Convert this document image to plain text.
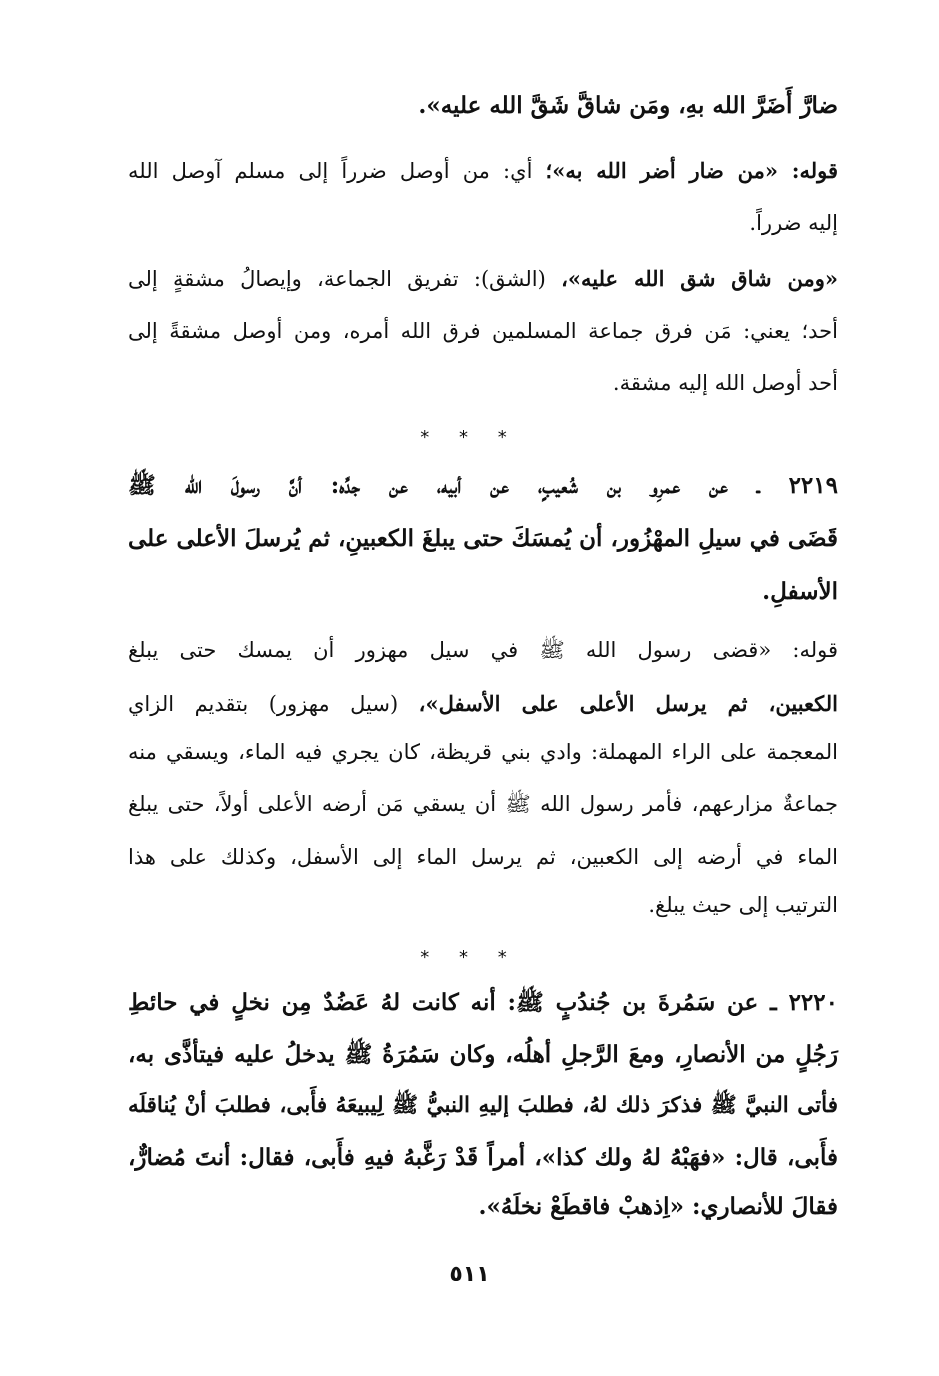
ضارَّ أَضَرَّ الله بهِ، ومَن شاقَّ شَقَّ الله عليه».
قوله: «من ضار أضر الله به»؛ أي: من أوصل ضرراً إلى مسلم آوصل الله
إليه ضرراً.
«ومن شاق شق الله عليه»، (الشق): تفريق الجماعة، وإيصالُ مشقةٍ إلى
أحد؛ يعني: مَن فرق جماعة المسلمين فرق الله أمره، ومن أوصل مشقةً إلى
أحد أوصل الله إليه مشقة.
* * *
٢٢١٩ ـ عن عمرِو بن شُعيبٍ، عن أبيه، عن جدِّه: أنَّ رسولَ الله ﷺ
قَضَى في سيلِ المهْزُور، أن يُمسَكَ حتى يبلغَ الكعبينِ، ثم يُرسلَ الأعلى على
الأسفلِ.
قوله: «قضى رسول الله ﷺ في سيل مهزور أن يمسك حتى يبلغ
الكعبين، ثم يرسل الأعلى على الأسفل»، (سيل مهزور) بتقديم الزاي
المعجمة على الراء المهملة: وادي بني قريظة، كان يجري فيه الماء، ويسقي منه
جماعةٌ مزارعهم، فأمر رسول الله ﷺ أن يسقي مَن أرضه الأعلى أولاً، حتى يبلغ
الماء في أرضه إلى الكعبين، ثم يرسل الماء إلى الأسفل، وكذلك على هذا
الترتيب إلى حيث يبلغ.
* * *
٢٢٢٠ ـ عن سَمُرةَ بن جُندُبٍ ﷺ: أنه كانت لهُ عَضُدٌ مِن نخلٍ في حائطِ
رَجُلٍ من الأنصارِ، ومعَ الرَّجلِ أهلُه، وكان سَمُرَةُ ﷺ يدخلُ عليه فيتأذَّى به،
فأتى النبيَّ ﷺ فذكرَ ذلك لهُ، فطلبَ إليهِ النبيُّ ﷺ لِيبيعَهُ فأَبى، فطلبَ أنْ يُناقلَه
فأَبى، قال: «فهَبْهُ لهُ ولك كذا»، أمراً قَدْ رَغَّبهُ فيهِ فأَبى، فقال: أنتَ مُضارٌّ،
فقالَ للأنصاري: «اِذهبْ فاقطَعْ نخلَهُ».
٥١١
